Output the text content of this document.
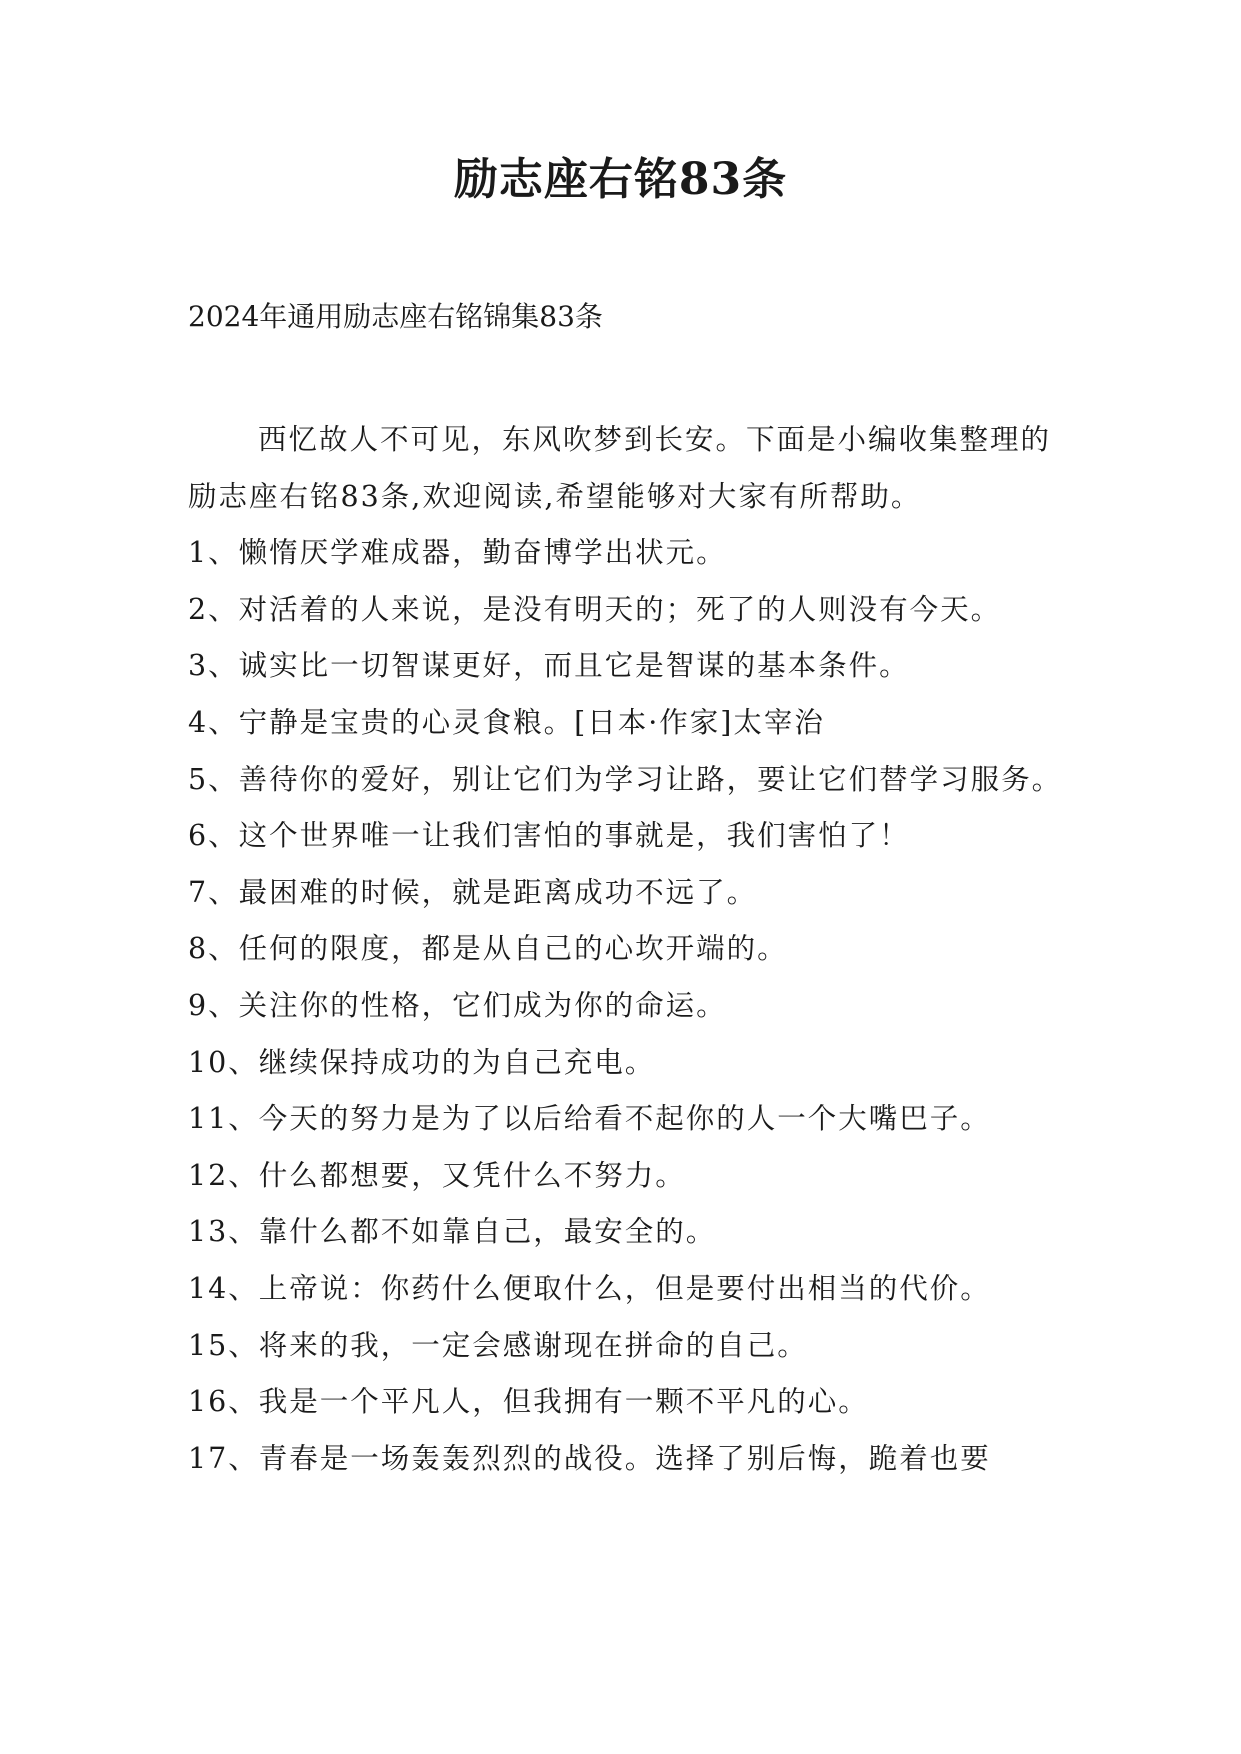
励志座右铭83条

2024年通用励志座右铭锦集83条

西忆故人不可见，东风吹梦到长安。下面是小编收集整理的励志座右铭83条,欢迎阅读,希望能够对大家有所帮助。

1、懒惰厌学难成器，勤奋博学出状元。

2、对活着的人来说，是没有明天的；死了的人则没有今天。

3、诚实比一切智谋更好，而且它是智谋的基本条件。

4、宁静是宝贵的心灵食粮。[日本·作家]太宰治

5、善待你的爱好，别让它们为学习让路，要让它们替学习服务。

6、这个世界唯一让我们害怕的事就是，我们害怕了！

7、最困难的时候，就是距离成功不远了。

8、任何的限度，都是从自己的心坎开端的。

9、关注你的性格，它们成为你的命运。

10、继续保持成功的为自己充电。

11、今天的努力是为了以后给看不起你的人一个大嘴巴子。

12、什么都想要，又凭什么不努力。

13、靠什么都不如靠自己，最安全的。

14、上帝说：你药什么便取什么，但是要付出相当的代价。

15、将来的我，一定会感谢现在拼命的自己。

16、我是一个平凡人，但我拥有一颗不平凡的心。

17、青春是一场轰轰烈烈的战役。选择了别后悔，跪着也要
